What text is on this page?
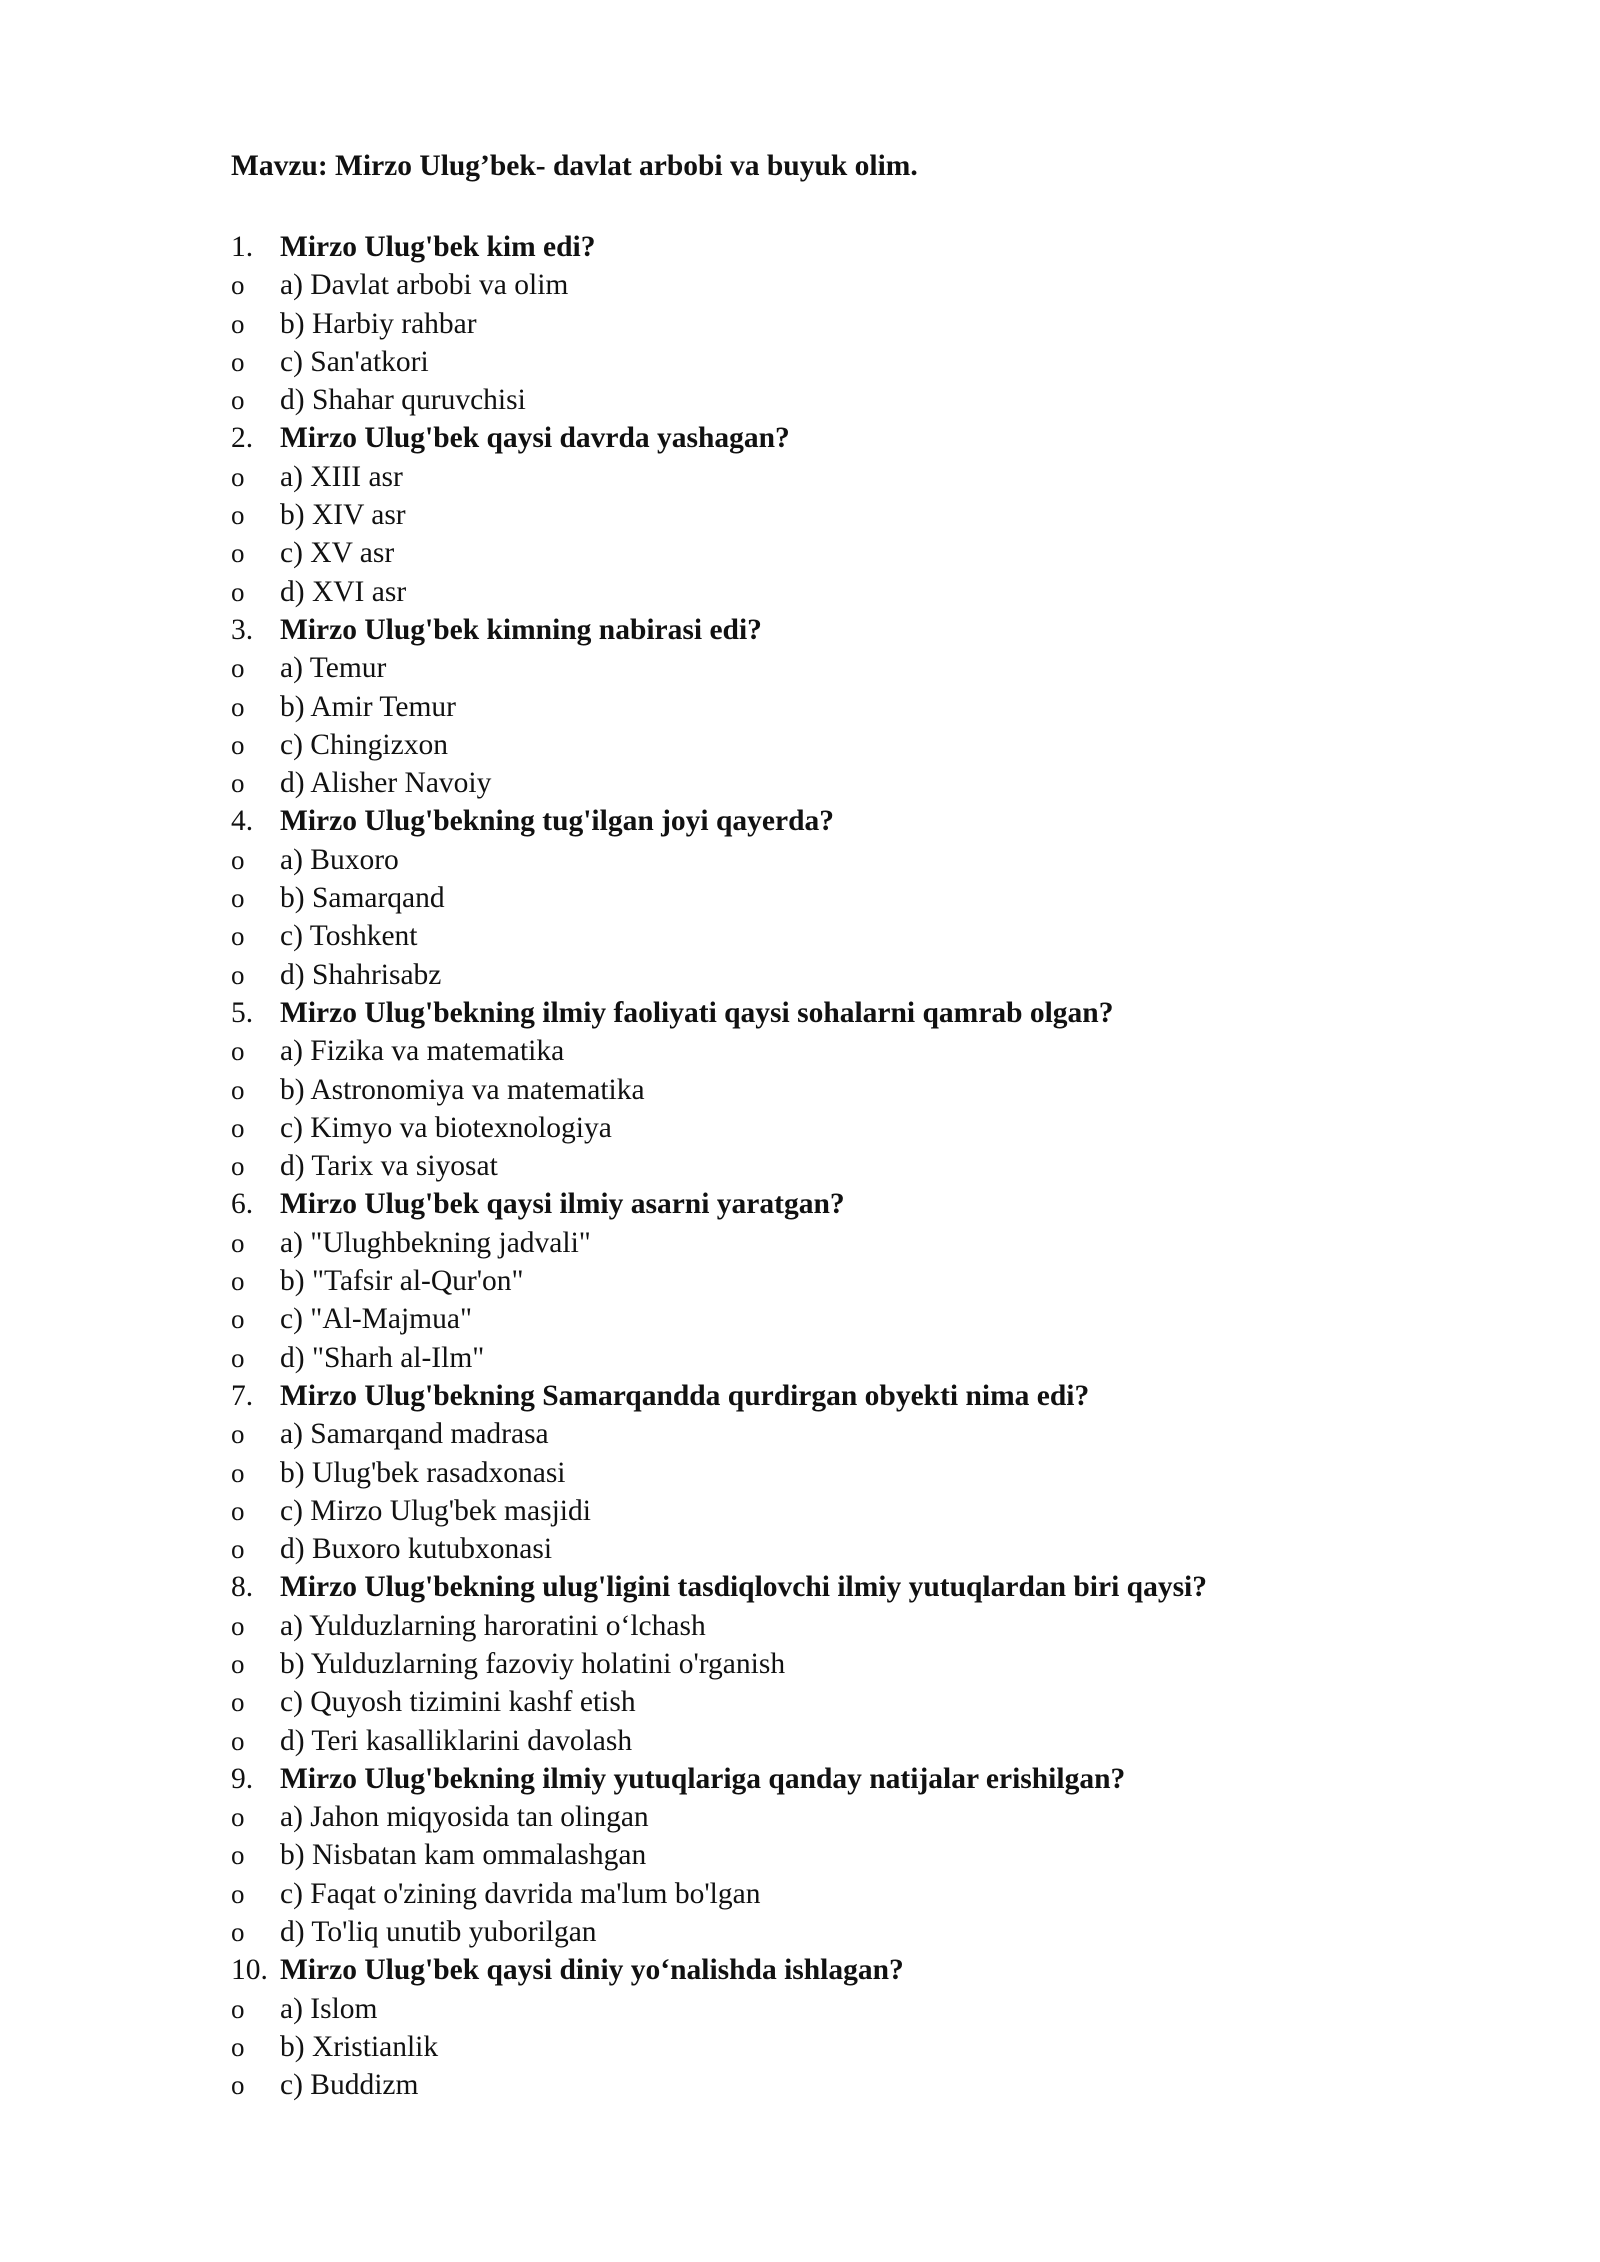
Mavzu: Mirzo Ulug’bek- davlat arbobi va buyuk olim.
1. Mirzo Ulug'bek kim edi?
o a) Davlat arbobi va olim
o b) Harbiy rahbar
o c) San'atkori
o d) Shahar quruvchisi
2. Mirzo Ulug'bek qaysi davrda yashagan?
o a) XIII asr
o b) XIV asr
o c) XV asr
o d) XVI asr
3. Mirzo Ulug'bek kimning nabirasi edi?
o a) Temur
o b) Amir Temur
o c) Chingizxon
o d) Alisher Navoiy
4. Mirzo Ulug'bekning tug'ilgan joyi qayerda?
o a) Buxoro
o b) Samarqand
o c) Toshkent
o d) Shahrisabz
5. Mirzo Ulug'bekning ilmiy faoliyati qaysi sohalarni qamrab olgan?
o a) Fizika va matematika
o b) Astronomiya va matematika
o c) Kimyo va biotexnologiya
o d) Tarix va siyosat
6. Mirzo Ulug'bek qaysi ilmiy asarni yaratgan?
o a) "Ulughbekning jadvali"
o b) "Tafsir al-Qur'on"
o c) "Al-Majmua"
o d) "Sharh al-Ilm"
7. Mirzo Ulug'bekning Samarqandda qurdirgan obyekti nima edi?
o a) Samarqand madrasa
o b) Ulug'bek rasadxonasi
o c) Mirzo Ulug'bek masjidi
o d) Buxoro kutubxonasi
8. Mirzo Ulug'bekning ulug'ligini tasdiqlovchi ilmiy yutuqlardan biri qaysi?
o a) Yulduzlarning haroratini o‘lchash
o b) Yulduzlarning fazoviy holatini o'rganish
o c) Quyosh tizimini kashf etish
o d) Teri kasalliklarini davolash
9. Mirzo Ulug'bekning ilmiy yutuqlariga qanday natijalar erishilgan?
o a) Jahon miqyosida tan olingan
o b) Nisbatan kam ommalashgan
o c) Faqat o'zining davrida ma'lum bo'lgan
o d) To'liq unutib yuborilgan
10. Mirzo Ulug'bek qaysi diniy yo‘nalishda ishlagan?
o a) Islom
o b) Xristianlik
o c) Buddizm
